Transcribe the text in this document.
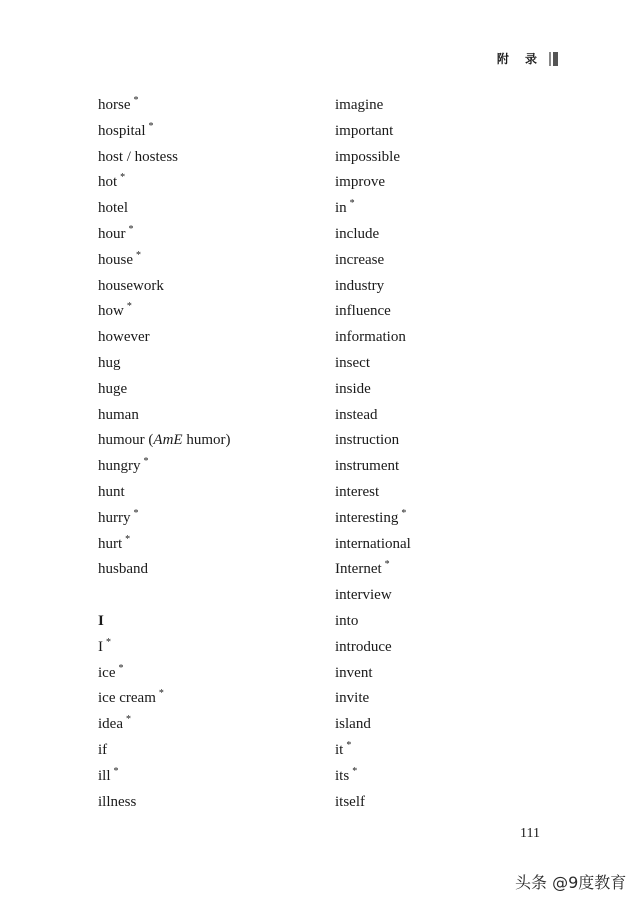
附 录
horse *
hospital *
host / hostess
hot *
hotel
hour *
house *
housework
how *
however
hug
huge
human
humour (AmE humor)
hungry *
hunt
hurry *
hurt *
husband
I
I *
ice *
ice cream *
idea *
if
ill *
illness
imagine
important
impossible
improve
in *
include
increase
industry
influence
information
insect
inside
instead
instruction
instrument
interest
interesting *
international
Internet *
interview
into
introduce
invent
invite
island
it *
its *
itself
111
头条 @9度教育
